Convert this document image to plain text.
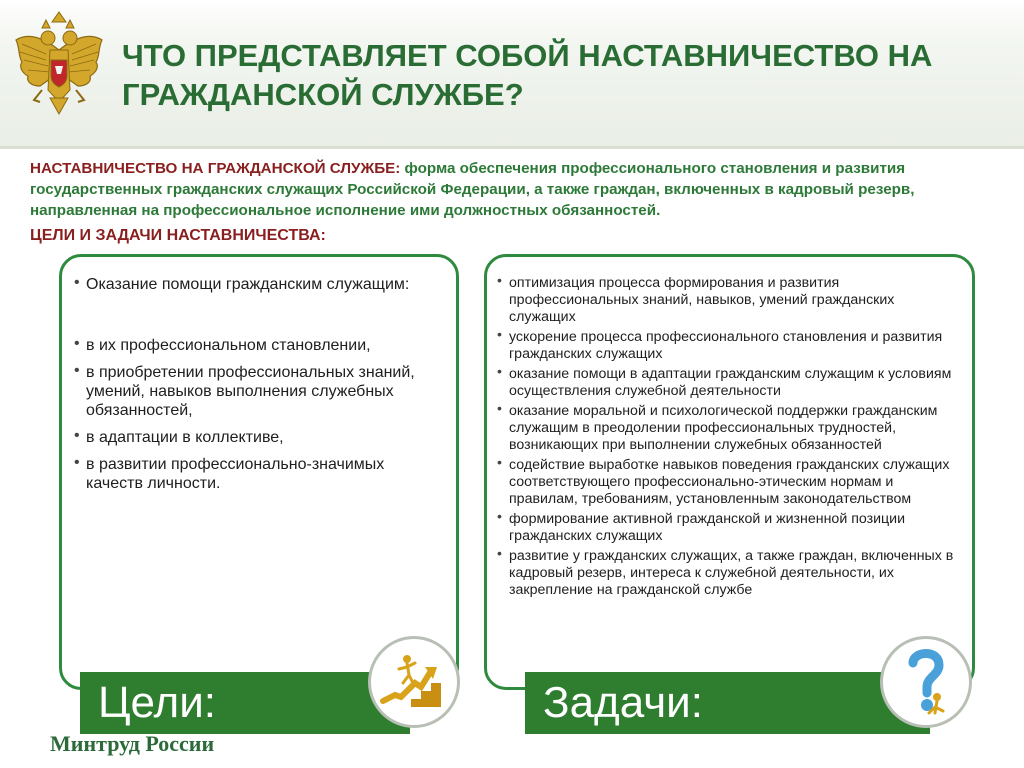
ЧТО ПРЕДСТАВЛЯЕТ СОБОЙ НАСТАВНИЧЕСТВО НА ГРАЖДАНСКОЙ СЛУЖБЕ?
НАСТАВНИЧЕСТВО НА ГРАЖДАНСКОЙ СЛУЖБЕ: форма обеспечения профессионального становления и развития государственных гражданских служащих Российской Федерации, а также граждан, включенных в кадровый резерв, направленная на профессиональное исполнение ими должностных обязанностей.
ЦЕЛИ И ЗАДАЧИ НАСТАВНИЧЕСТВА:
• Оказание помощи гражданским служащим:
• в их профессиональном становлении,
• в приобретении профессиональных знаний, умений, навыков выполнения служебных обязанностей,
• в адаптации в коллективе,
• в развитии профессионально-значимых качеств личности.
• оптимизация процесса формирования и развития профессиональных знаний, навыков, умений гражданских служащих
• ускорение процесса профессионального становления и развития гражданских служащих
• оказание помощи в адаптации гражданским служащим к условиям осуществления служебной деятельности
• оказание моральной и психологической поддержки гражданским служащим в преодолении профессиональных трудностей, возникающих при выполнении служебных обязанностей
• содействие выработке навыков поведения гражданских служащих соответствующего профессионально-этическим нормам и правилам, требованиям, установленным законодательством
• формирование активной гражданской и жизненной позиции гражданских служащих
• развитие у гражданских служащих, а также граждан, включенных в кадровый резерв, интереса к служебной деятельности, их закрепление на гражданской службе
Цели:	Задачи:
Минтруд России
